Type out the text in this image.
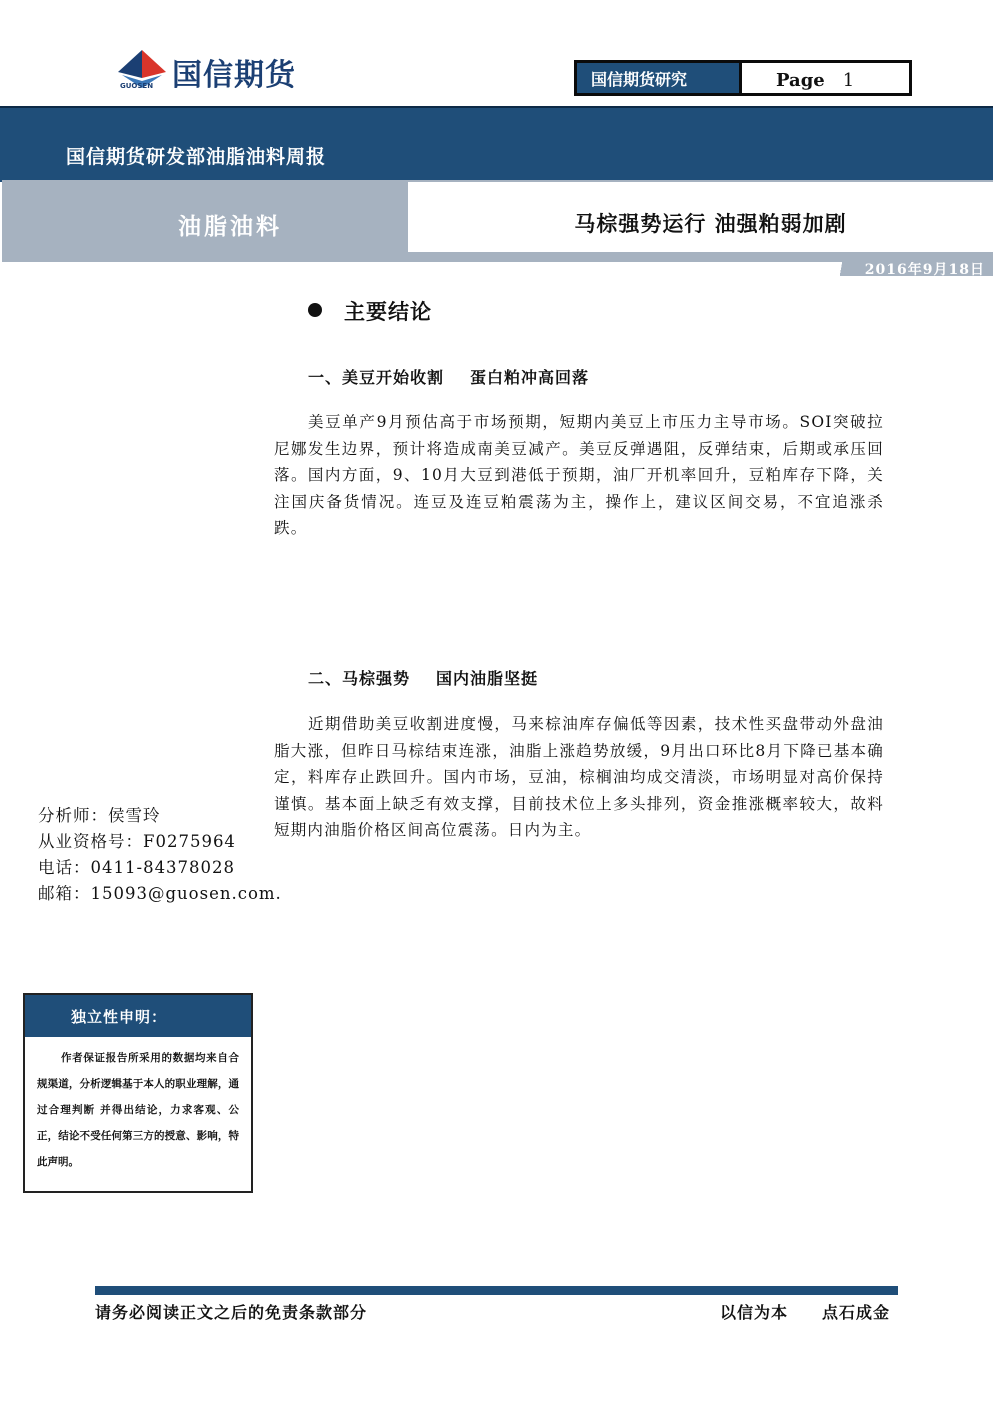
国信期货
GUOSEN	国信期货研究	Page 1
国信期货研发部油脂油料周报
油脂油料	马棕强势运行 油强粕弱加剧
2016年9月18日
主要结论
一、美豆开始收割 蛋白粕冲高回落
美豆单产9月预估高于市场预期，短期内美豆上市压力主导市场。SOI突破拉尼娜发生边界，预计将造成南美豆减产。美豆反弹遇阻，反弹结束，后期或承压回落。国内方面，9、10月大豆到港低于预期，油厂开机率回升，豆粕库存下降，关注国庆备货情况。连豆及连豆粕震荡为主，操作上，建议区间交易，不宜追涨杀跌。
二、马棕强势 国内油脂坚挺
近期借助美豆收割进度慢，马来棕油库存偏低等因素，技术性买盘带动外盘油脂大涨，但昨日马棕结束连涨，油脂上涨趋势放缓，9月出口环比8月下降已基本确定，料库存止跌回升。国内市场，豆油，棕榈油均成交清淡，市场明显对高价保持谨慎。基本面上缺乏有效支撑，目前技术位上多头排列，资金推涨概率较大，故料短期内油脂价格区间高位震荡。日内为主。
分析师：侯雪玲
从业资格号：F0275964
电话：0411-84378028
邮箱：15093@guosen.com.
独立性申明：
作者保证报告所采用的数据均来自合规渠道，分析逻辑基于本人的职业理解，通过合理判断 并得出结论，力求客观、公正，结论不受任何第三方的授意、影响，特此声明。
请务必阅读正文之后的免责条款部分	以信为本 点石成金
